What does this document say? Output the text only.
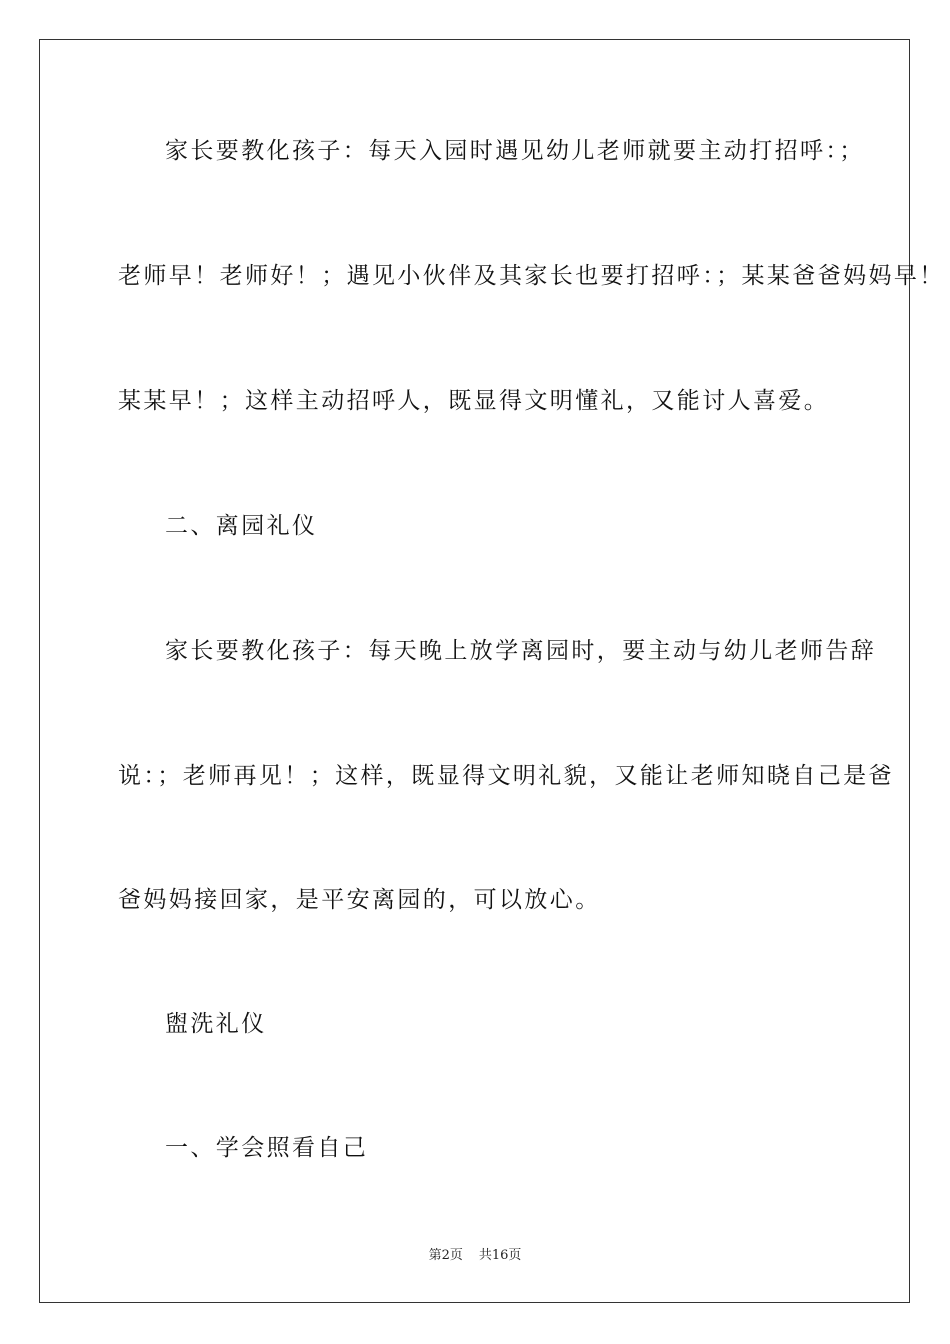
家长要教化孩子：每天入园时遇见幼儿老师就要主动打招呼：；
老师早！老师好！；遇见小伙伴及其家长也要打招呼：；某某爸爸妈妈早！
某某早！；这样主动招呼人，既显得文明懂礼，又能讨人喜爱。
二、离园礼仪
家长要教化孩子：每天晚上放学离园时，要主动与幼儿老师告辞
说：；老师再见！；这样，既显得文明礼貌，又能让老师知晓自己是爸
爸妈妈接回家，是平安离园的，可以放心。
盥洗礼仪
一、学会照看自己
第2页 共16页
